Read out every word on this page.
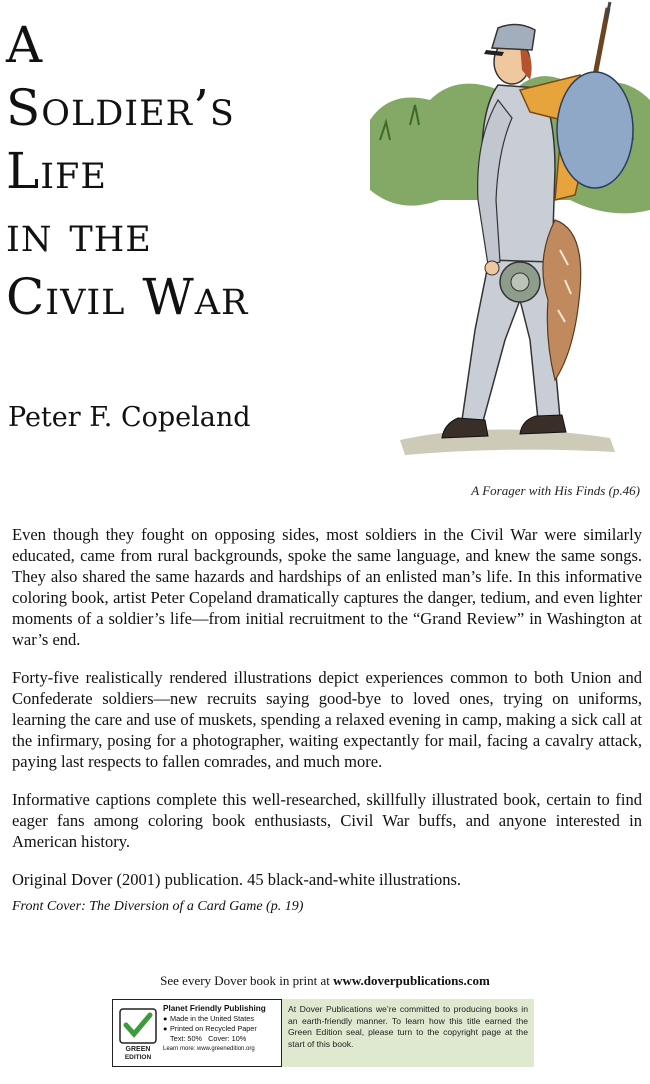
A
Soldier’s
Life
in the
Civil War
Peter F. Copeland
A Forager with His Finds (p.46)

Even though they fought on opposing sides, most soldiers in the Civil War were similarly educated, came from rural backgrounds, spoke the same language, and knew the same songs. They also shared the same hazards and hardships of an enlisted man’s life. In this informative coloring book, artist Peter Copeland dramatically captures the danger, tedium, and even lighter moments of a soldier’s life—from initial recruitment to the “Grand Review” in Washington at war’s end.

Forty-five realistically rendered illustrations depict experiences common to both Union and Confederate soldiers—new recruits saying good-bye to loved ones, trying on uniforms, learning the care and use of muskets, spending a relaxed evening in camp, making a sick call at the infirmary, posing for a photographer, waiting expectantly for mail, facing a cavalry attack, paying last respects to fallen comrades, and much more.

Informative captions complete this well-researched, skillfully illustrated book, certain to find eager fans among coloring book enthusiasts, Civil War buffs, and anyone interested in American history.

Original Dover (2001) publication. 45 black-and-white illustrations.

Front Cover: The Diversion of a Card Game (p. 19)

See every Dover book in print at www.doverpublications.com
GREEN
EDITION
Planet Friendly Publishing
● Made in the United States
● Printed on Recycled Paper
Text: 50% Cover: 10%
Learn more: www.greenedition.org
At Dover Publications we’re committed to producing books in an earth-friendly manner. To learn how this title earned the Green Edition seal, please turn to the copyright page at the start of this book.
